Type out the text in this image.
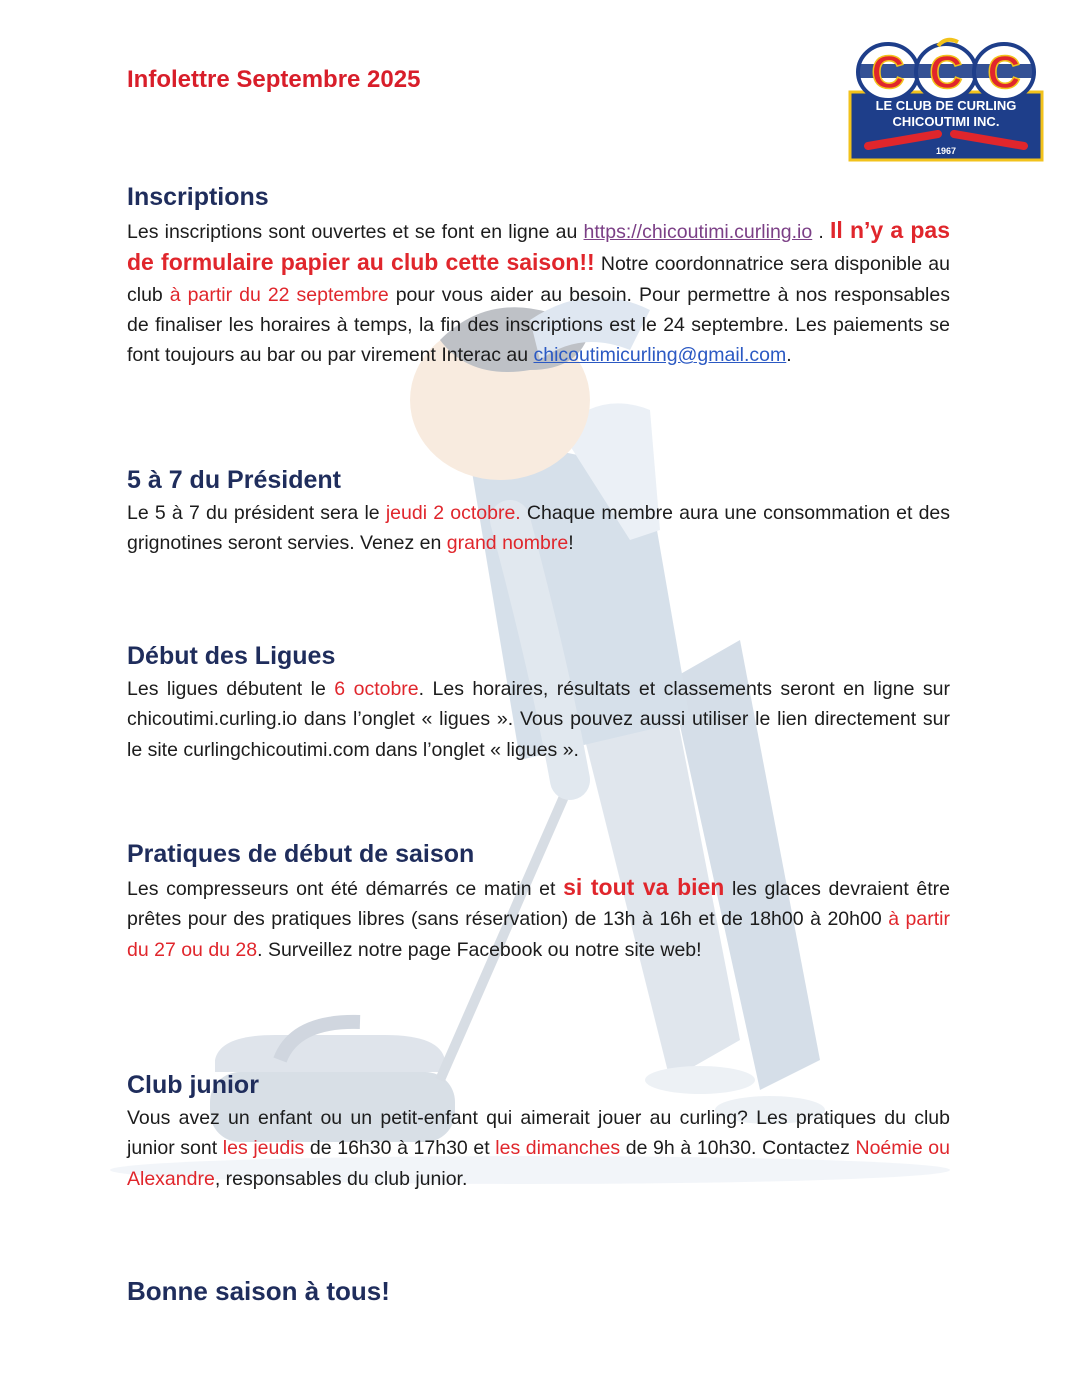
Infolettre Septembre 2025	C C C
LE CLUB DE CURLING
CHICOUTIMI INC.
1967
Inscriptions

Les inscriptions sont ouvertes et se font en ligne au https://chicoutimi.curling.io . Il n’y a pas de formulaire papier au club cette saison!! Notre coordonnatrice sera disponible au club à partir du 22 septembre pour vous aider au besoin. Pour permettre à nos responsables de finaliser les horaires à temps, la fin des inscriptions est le 24 septembre. Les paiements se font toujours au bar ou par virement Interac au chicoutimicurling@gmail.com.

5 à 7 du Président

Le 5 à 7 du président sera le jeudi 2 octobre. Chaque membre aura une consommation et des grignotines seront servies. Venez en grand nombre!

Début des Ligues

Les ligues débutent le 6 octobre. Les horaires, résultats et classements seront en ligne sur chicoutimi.curling.io dans l’onglet « ligues ». Vous pouvez aussi utiliser le lien directement sur le site curlingchicoutimi.com dans l’onglet « ligues ».

Pratiques de début de saison

Les compresseurs ont été démarrés ce matin et si tout va bien les glaces devraient être prêtes pour des pratiques libres (sans réservation) de 13h à 16h et de 18h00 à 20h00 à partir du 27 ou du 28. Surveillez notre page Facebook ou notre site web!

Club junior

Vous avez un enfant ou un petit-enfant qui aimerait jouer au curling? Les pratiques du club junior sont les jeudis de 16h30 à 17h30 et les dimanches de 9h à 10h30. Contactez Noémie ou Alexandre, responsables du club junior.

Bonne saison à tous!
